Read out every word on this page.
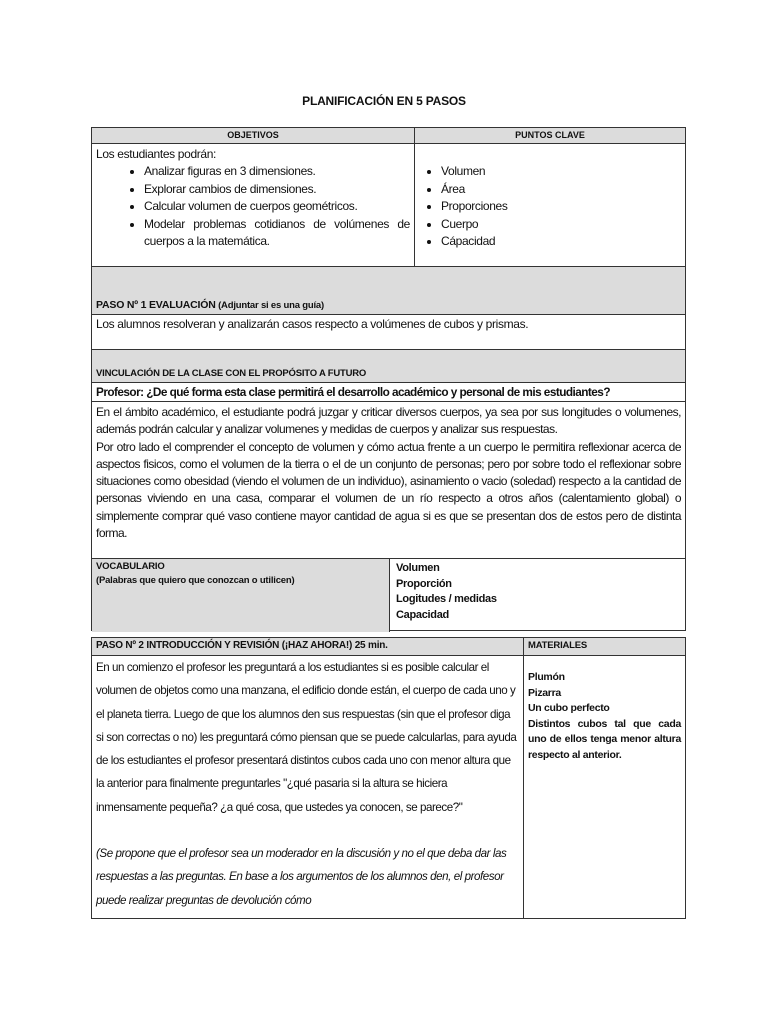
PLANIFICACIÓN EN 5 PASOS
OBJETIVOS	PUNTOS CLAVE
Los estudiantes podrán:
• Analizar figuras en 3 dimensiones.
• Explorar cambios de dimensiones.
• Calcular volumen de cuerpos geométricos.
• Modelar problemas cotidianos de volúmenes de cuerpos a la matemática.
• Volumen
• Área
• Proporciones
• Cuerpo
• Cápacidad
PASO Nº 1 EVALUACIÓN (Adjuntar si es una guía)
Los alumnos resolveran y analizarán casos respecto a volúmenes de cubos y prismas.
VINCULACIÓN DE LA CLASE CON EL PROPÓSITO A FUTURO
Profesor: ¿De qué forma esta clase permitirá el desarrollo académico y personal de mis estudiantes?
En el ámbito académico, el estudiante podrá juzgar y criticar diversos cuerpos, ya sea por sus longitudes o volumenes, además podrán calcular y analizar volumenes y medidas de cuerpos y analizar sus respuestas.
Por otro lado el comprender el concepto de volumen y cómo actua frente a un cuerpo le permitira reflexionar acerca de aspectos fisicos, como el volumen de la tierra o el de un conjunto de personas; pero por sobre todo el reflexionar sobre situaciones como obesidad (viendo el volumen de un individuo), asinamiento o vacio (soledad) respecto a la cantidad de personas viviendo en una casa, comparar el volumen de un río respecto a otros años (calentamiento global) o simplemente comprar qué vaso contiene mayor cantidad de agua si es que se presentan dos de estos pero de distinta forma.
VOCABULARIO
(Palabras que quiero que conozcan o utilicen)
Volumen
Proporción
Logitudes / medidas
Capacidad
PASO Nº 2 INTRODUCCIÓN Y REVISIÓN (¡HAZ AHORA!) 25 min.	MATERIALES
En un comienzo el profesor les preguntará a los estudiantes si es posible calcular el volumen de objetos como una manzana, el edificio donde están, el cuerpo de cada uno y el planeta tierra. Luego de que los alumnos den sus respuestas (sin que el profesor diga si son correctas o no) les preguntará cómo piensan que se puede calcularlas, para ayuda de los estudiantes el profesor presentará distintos cubos cada uno con menor altura que la anterior para finalmente preguntarles "¿qué pasaria si la altura se hiciera inmensamente pequeña? ¿a qué cosa, que ustedes ya conocen, se parece?"
(Se propone que el profesor sea un moderador en la discusión y no el que deba dar las respuestas a las preguntas. En base a los argumentos de los alumnos den, el profesor puede realizar preguntas de devolución cómo
Plumón
Pizarra
Un cubo perfecto
Distintos cubos tal que cada uno de ellos tenga menor altura respecto al anterior.
